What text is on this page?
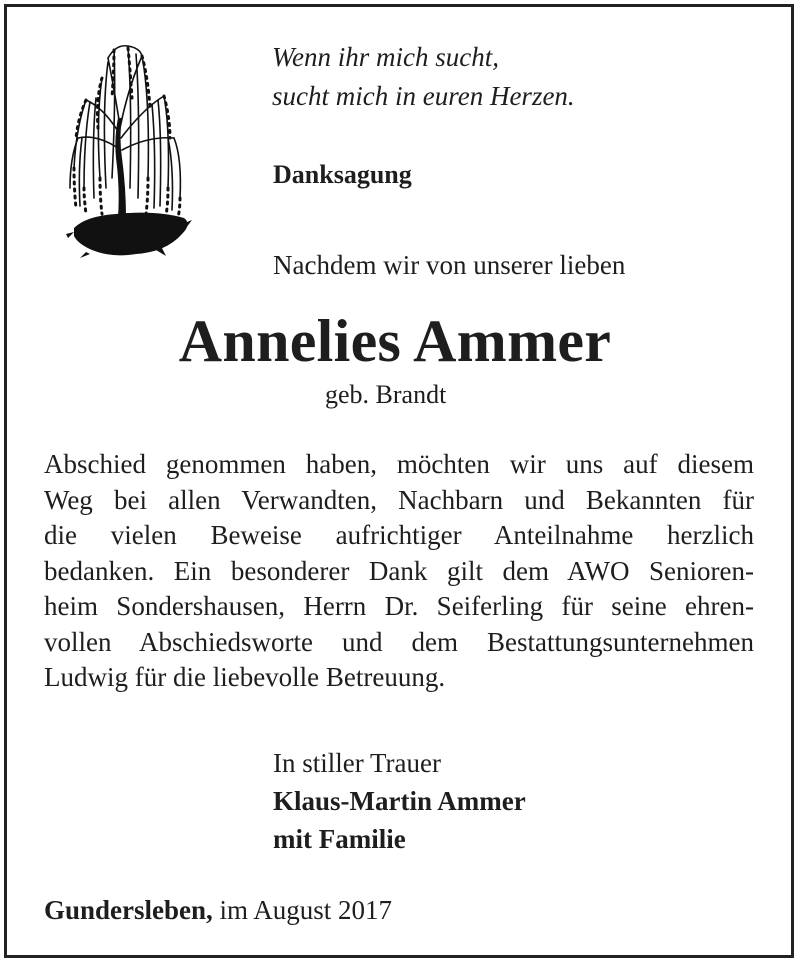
Wenn ihr mich sucht,
sucht mich in euren Herzen.
Danksagung
Nachdem wir von unserer lieben
Annelies Ammer
geb. Brandt
Abschied genommen haben, möchten wir uns auf diesem
Weg bei allen Verwandten, Nachbarn und Bekannten für
die vielen Beweise aufrichtiger Anteilnahme herzlich
bedanken. Ein besonderer Dank gilt dem AWO Senioren-
heim Sondershausen, Herrn Dr. Seiferling für seine ehren-
vollen Abschiedsworte und dem Bestattungsunternehmen
Ludwig für die liebevolle Betreuung.
In stiller Trauer
Klaus-Martin Ammer
mit Familie
Gundersleben, im August 2017
